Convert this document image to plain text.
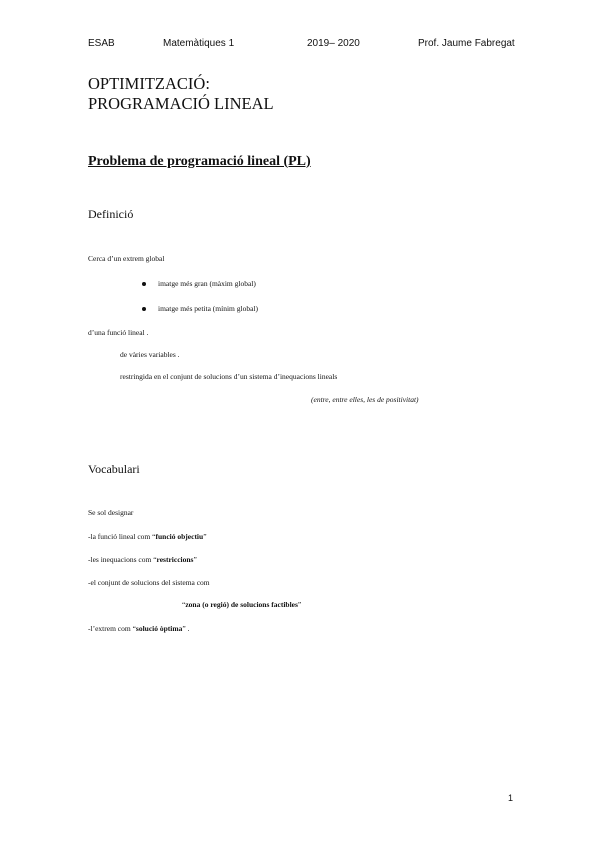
ESAB	Matemàtiques 1	2019– 2020	Prof. Jaume Fabregat
OPTIMITZACIÓ:
PROGRAMACIÓ LINEAL
Problema de programació lineal (PL)
Definició
Cerca d’un extrem global
imatge més gran (màxim global)
imatge més petita (mínim global)
d’una funció lineal .
de vàries variables .
restringida en el conjunt de solucions d’un sistema d’inequacions lineals
(entre, entre elles, les de positivitat)
Vocabulari
Se sol designar
-la funció lineal com “funció objectiu”
-les inequacions com “restriccions”
-el conjunt de solucions del sistema com
“zona (o regió) de solucions factibles”
-l’extrem com “solució òptima” .
1
